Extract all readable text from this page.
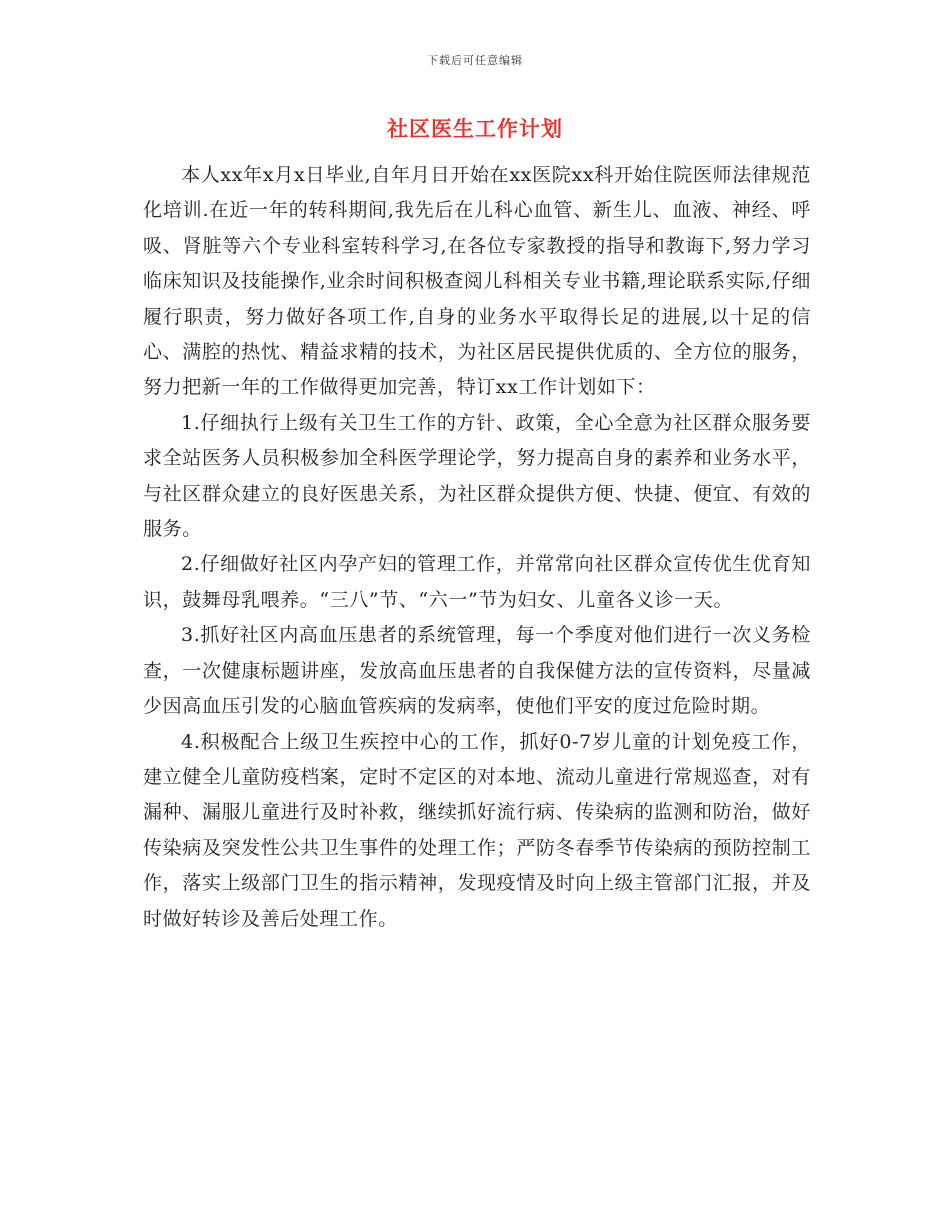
下载后可任意编辑
社区医生工作计划

本人xx年x月x日毕业,自年月日开始在xx医院xx科开始住院医师法律规范化培训.在近一年的转科期间,我先后在儿科心血管、新生儿、血液、神经、呼吸、肾脏等六个专业科室转科学习,在各位专家教授的指导和教诲下,努力学习临床知识及技能操作,业余时间积极查阅儿科相关专业书籍,理论联系实际,仔细履行职责，努力做好各项工作,自身的业务水平取得长足的进展,以十足的信心、满腔的热忱、精益求精的技术，为社区居民提供优质的、全方位的服务，努力把新一年的工作做得更加完善，特订xx工作计划如下：

1.仔细执行上级有关卫生工作的方针、政策，全心全意为社区群众服务要求全站医务人员积极参加全科医学理论学，努力提高自身的素养和业务水平，与社区群众建立的良好医患关系，为社区群众提供方便、快捷、便宜、有效的服务。

2.仔细做好社区内孕产妇的管理工作，并常常向社区群众宣传优生优育知识，鼓舞母乳喂养。“三八”节、“六一”节为妇女、儿童各义诊一天。

3.抓好社区内高血压患者的系统管理，每一个季度对他们进行一次义务检查，一次健康标题讲座，发放高血压患者的自我保健方法的宣传资料，尽量减少因高血压引发的心脑血管疾病的发病率，使他们平安的度过危险时期。

4.积极配合上级卫生疾控中心的工作，抓好0-7岁儿童的计划免疫工作，建立健全儿童防疫档案，定时不定区的对本地、流动儿童进行常规巡查，对有漏种、漏服儿童进行及时补救，继续抓好流行病、传染病的监测和防治，做好传染病及突发性公共卫生事件的处理工作；严防冬春季节传染病的预防控制工作，落实上级部门卫生的指示精神，发现疫情及时向上级主管部门汇报，并及时做好转诊及善后处理工作。
